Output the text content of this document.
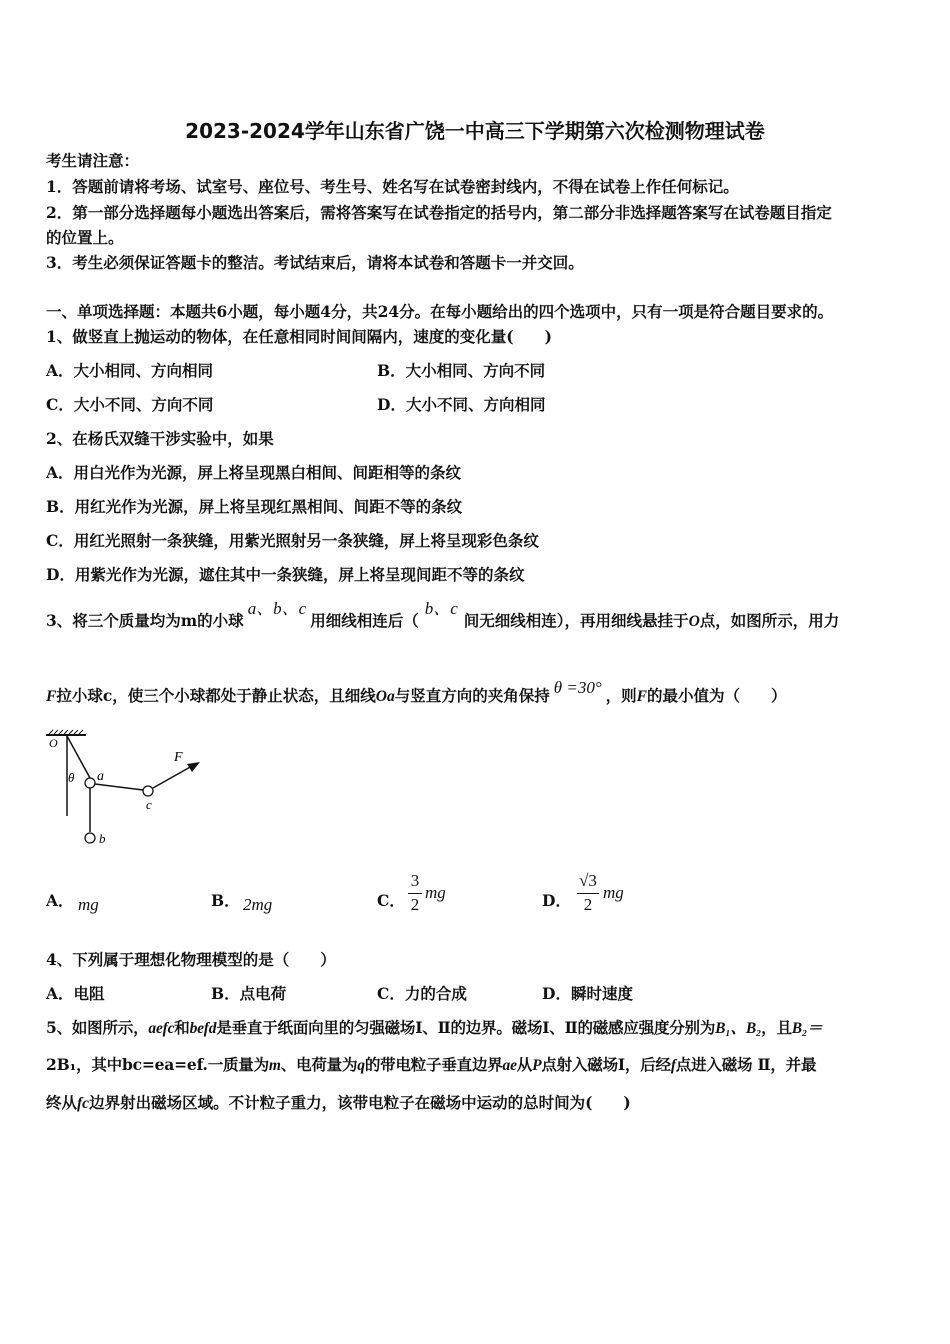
2023-2024学年山东省广饶一中高三下学期第六次检测物理试卷
考生请注意：
1．答题前请将考场、试室号、座位号、考生号、姓名写在试卷密封线内，不得在试卷上作任何标记。
2．第一部分选择题每小题选出答案后，需将答案写在试卷指定的括号内，第二部分非选择题答案写在试卷题目指定
的位置上。
3．考生必须保证答题卡的整洁。考试结束后，请将本试卷和答题卡一并交回。
一、单项选择题：本题共6小题，每小题4分，共24分。在每小题给出的四个选项中，只有一项是符合题目要求的。
1、做竖直上抛运动的物体，在任意相同时间间隔内，速度的变化量(　　)
A．大小相同、方向相同	B．大小相同、方向不同
C．大小不同、方向不同	D．大小不同、方向相同
2、在杨氏双缝干涉实验中，如果
A．用白光作为光源，屏上将呈现黑白相间、间距相等的条纹
B．用红光作为光源，屏上将呈现红黑相间、间距不等的条纹
C．用红光照射一条狭缝，用紫光照射另一条狭缝，屏上将呈现彩色条纹
D．用紫光作为光源，遮住其中一条狭缝，屏上将呈现间距不等的条纹
3、将三个质量均为m的小球a、b、c用细线相连后（b、c间无细线相连），再用细线悬挂于O点，如图所示，用力
F拉小球c，使三个小球都处于静止状态，且细线Oa与竖直方向的夹角保持 θ =30° ，则F的最小值为（　　）
O
θ a
b
c
F
A． mg	B． 2mg	C．
3
2
mg	D．
√3
2
mg
4、下列属于理想化物理模型的是（　　）
A．电阻	B．点电荷	C．力的合成	D．瞬时速度
5、如图所示，aefc和befd是垂直于纸面向里的匀强磁场Ⅰ、Ⅱ的边界。磁场Ⅰ、Ⅱ的磁感应强度分别为B₁、B₂，且B₂＝
2B₁，其中bc=ea=ef.一质量为m、电荷量为q的带电粒子垂直边界ae从P点射入磁场Ⅰ，后经f点进入磁场 Ⅱ，并最
终从fc边界射出磁场区域。不计粒子重力，该带电粒子在磁场中运动的总时间为(　　)
